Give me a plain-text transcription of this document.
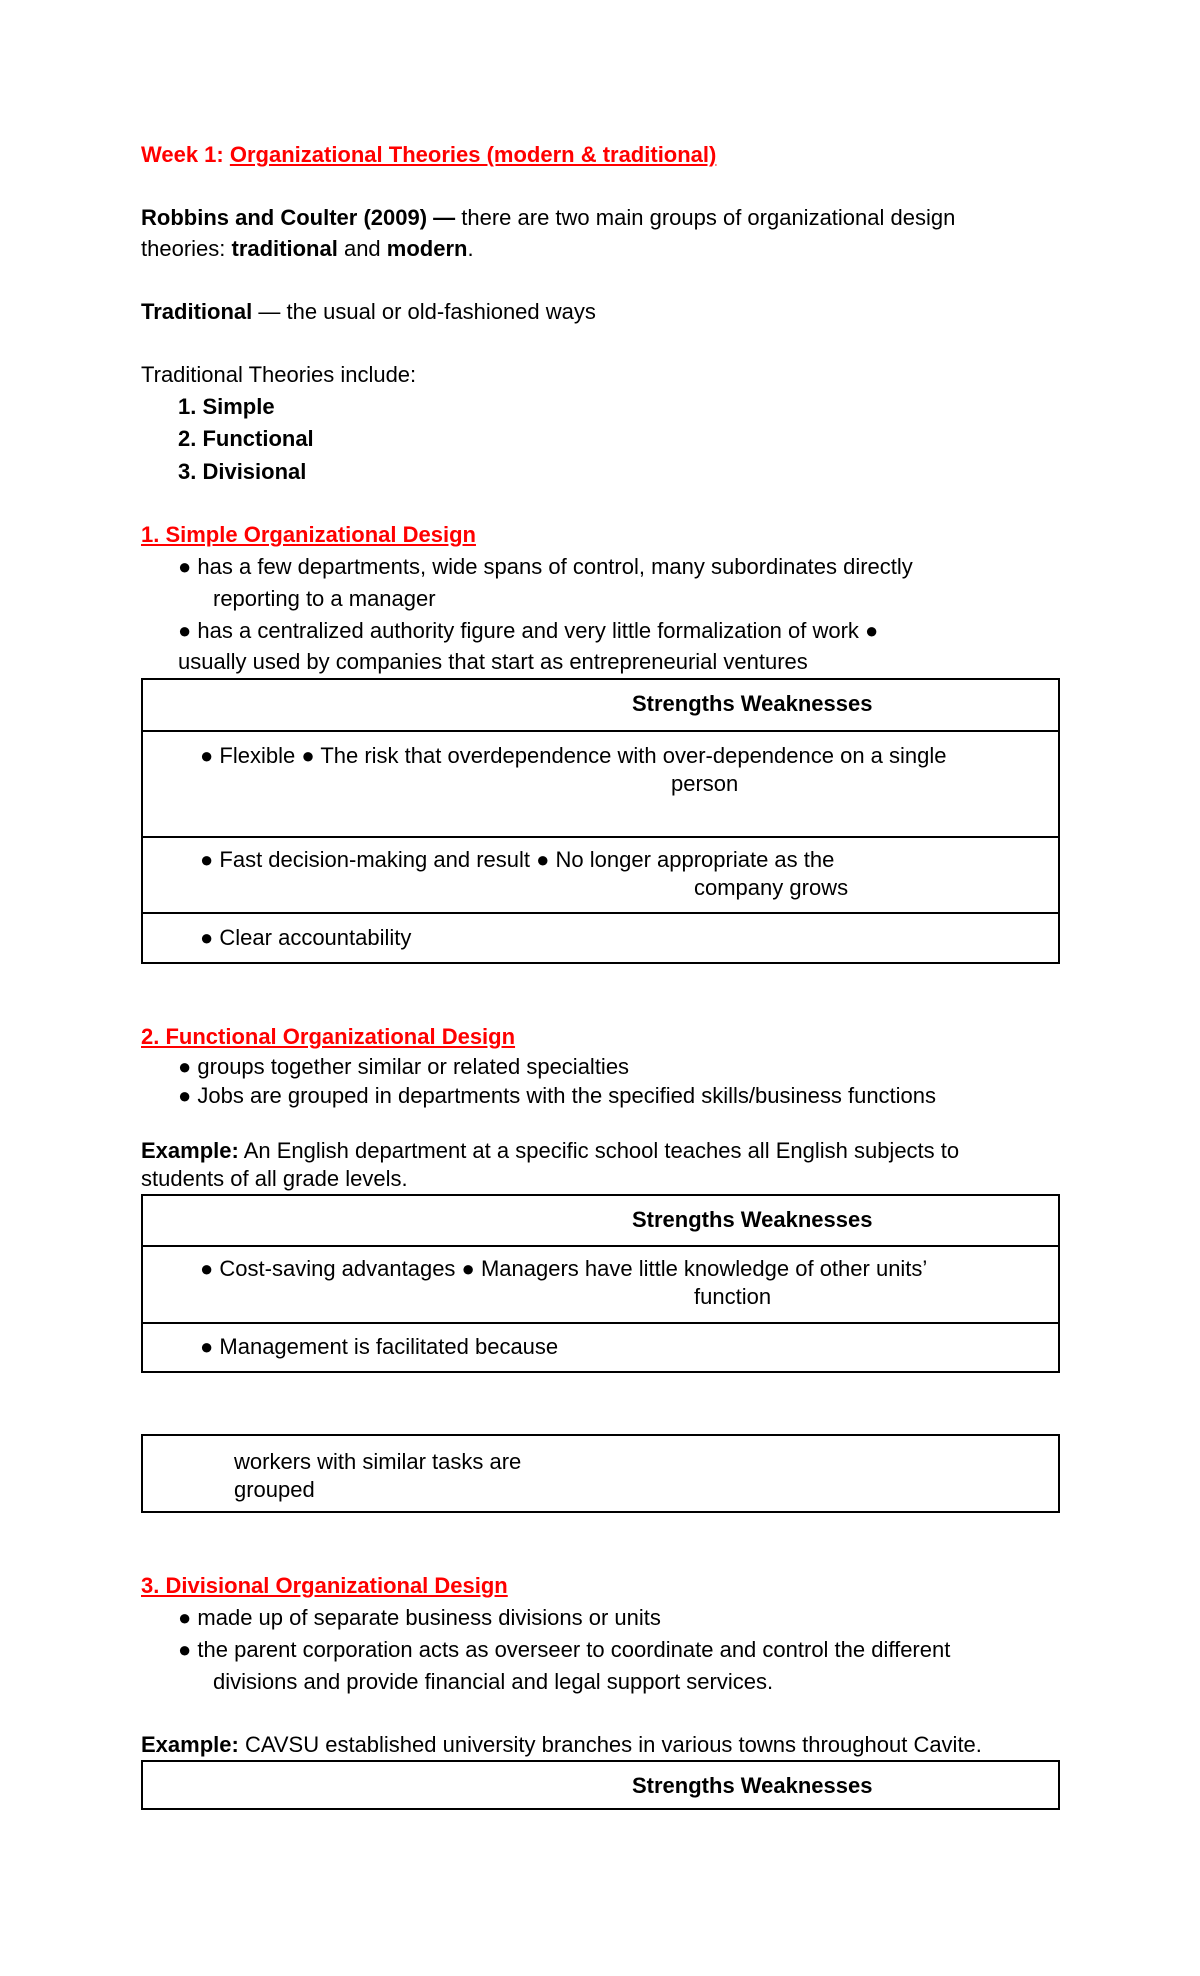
Week 1: Organizational Theories (modern & traditional)
Robbins and Coulter (2009) — there are two main groups of organizational design
theories: traditional and modern.
Traditional — the usual or old-fashioned ways
Traditional Theories include:
1. Simple
2. Functional
3. Divisional
1. Simple Organizational Design
● has a few departments, wide spans of control, many subordinates directly
reporting to a manager
● has a centralized authority figure and very little formalization of work ●
usually used by companies that start as entrepreneurial ventures
Strengths Weaknesses
● Flexible ● The risk that overdependence with over-dependence on a single
person
● Fast decision-making and result ● No longer appropriate as the
company grows
● Clear accountability
2. Functional Organizational Design
● groups together similar or related specialties
● Jobs are grouped in departments with the specified skills/business functions
Example: An English department at a specific school teaches all English subjects to
students of all grade levels.
Strengths Weaknesses
● Cost-saving advantages ● Managers have little knowledge of other units’
function
● Management is facilitated because
workers with similar tasks are
grouped
3. Divisional Organizational Design
● made up of separate business divisions or units
● the parent corporation acts as overseer to coordinate and control the different
divisions and provide financial and legal support services.
Example: CAVSU established university branches in various towns throughout Cavite.
Strengths Weaknesses
